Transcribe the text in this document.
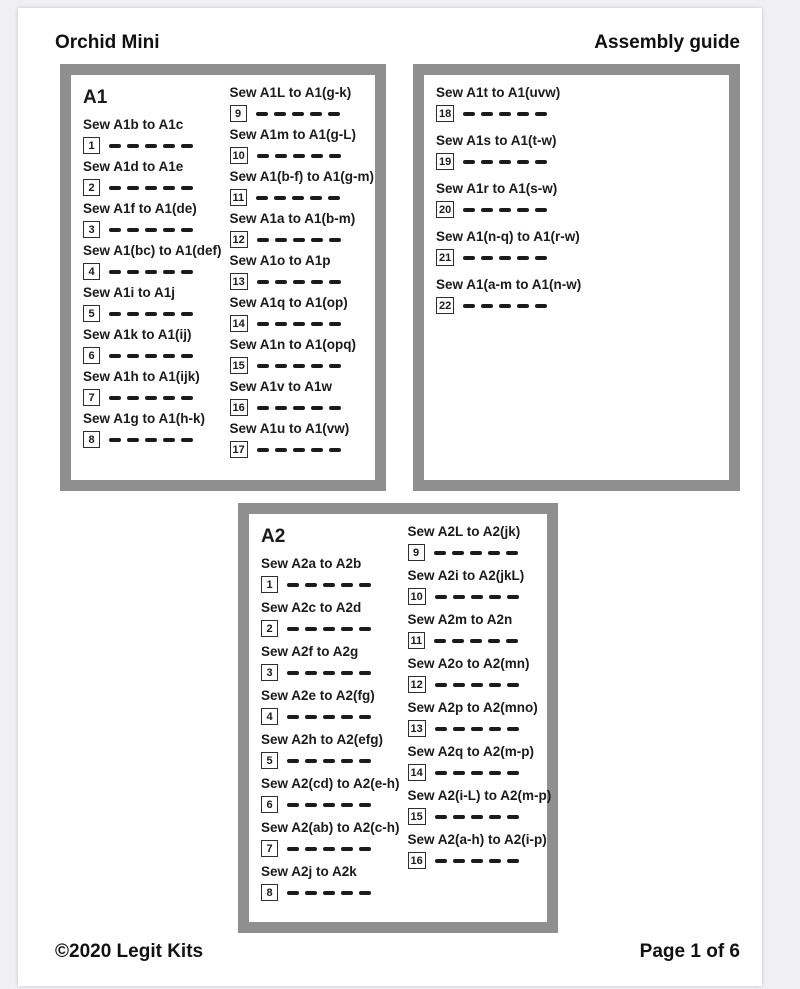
Orchid Mini	Assembly guide
A1
Sew A1b to A1c
1
Sew A1d to A1e
2
Sew A1f to A1(de)
3
Sew A1(bc) to A1(def)
4
Sew A1i to A1j
5
Sew A1k to A1(ij)
6
Sew A1h to A1(ijk)
7
Sew A1g to A1(h-k)
8
Sew A1L to A1(g-k)
9
Sew A1m to A1(g-L)
10
Sew A1(b-f) to A1(g-m)
11
Sew A1a to A1(b-m)
12
Sew A1o to A1p
13
Sew A1q to A1(op)
14
Sew A1n to A1(opq)
15
Sew A1v to A1w
16
Sew A1u to A1(vw)
17
Sew A1t to A1(uvw)
18
Sew A1s to A1(t-w)
19
Sew A1r to A1(s-w)
20
Sew A1(n-q) to A1(r-w)
21
Sew A1(a-m to A1(n-w)
22
A2
Sew A2a to A2b
1
Sew A2c to A2d
2
Sew A2f to A2g
3
Sew A2e to A2(fg)
4
Sew A2h to A2(efg)
5
Sew A2(cd) to A2(e-h)
6
Sew A2(ab) to A2(c-h)
7
Sew A2j to A2k
8
Sew A2L to A2(jk)
9
Sew A2i to A2(jkL)
10
Sew A2m to A2n
11
Sew A2o to A2(mn)
12
Sew A2p to A2(mno)
13
Sew A2q to A2(m-p)
14
Sew A2(i-L) to A2(m-p)
15
Sew A2(a-h) to A2(i-p)
16
©2020 Legit Kits	Page 1 of 6
